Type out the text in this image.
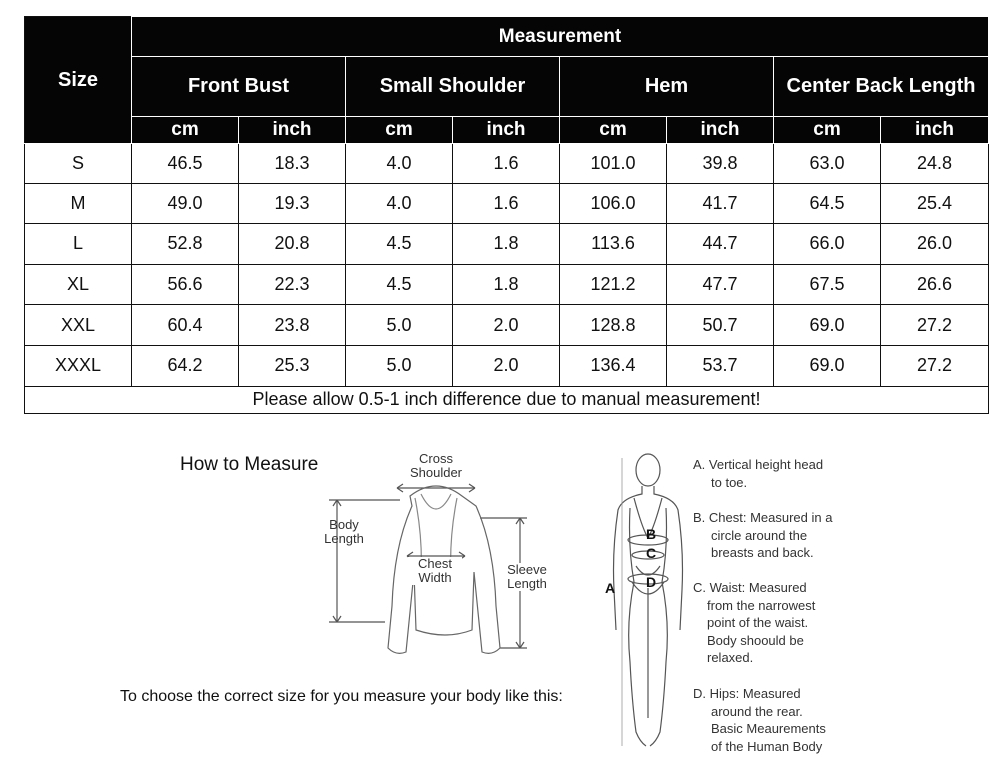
Size	Measurement							
	Front Bust		Small Shoulder		Hem		Center Back Length	
	cm	inch	cm	inch	cm	inch	cm	inch
S	46.5	18.3	4.0	1.6	101.0	39.8	63.0	24.8
M	49.0	19.3	4.0	1.6	106.0	41.7	64.5	25.4
L	52.8	20.8	4.5	1.8	113.6	44.7	66.0	26.0
XL	56.6	22.3	4.5	1.8	121.2	47.7	67.5	26.6
XXL	60.4	23.8	5.0	2.0	128.8	50.7	69.0	27.2
XXXL	64.2	25.3	5.0	2.0	136.4	53.7	69.0	27.2
Please allow 0.5-1 inch difference due to manual measurement!								
How to Measure	Cross
Shoulder
Body
Length
Chest
Width
Sleeve
Length
To choose the correct size for you measure your body like this:
A
B
C
D
A. Vertical height head
to toe.
B. Chest: Measured in a
circle around the
breasts and back.
C. Waist: Measured
from the narrowest
point of the waist.
Body shoould be
relaxed.
D. Hips: Measured
around the rear.
Basic Meaurements
of the Human Body
